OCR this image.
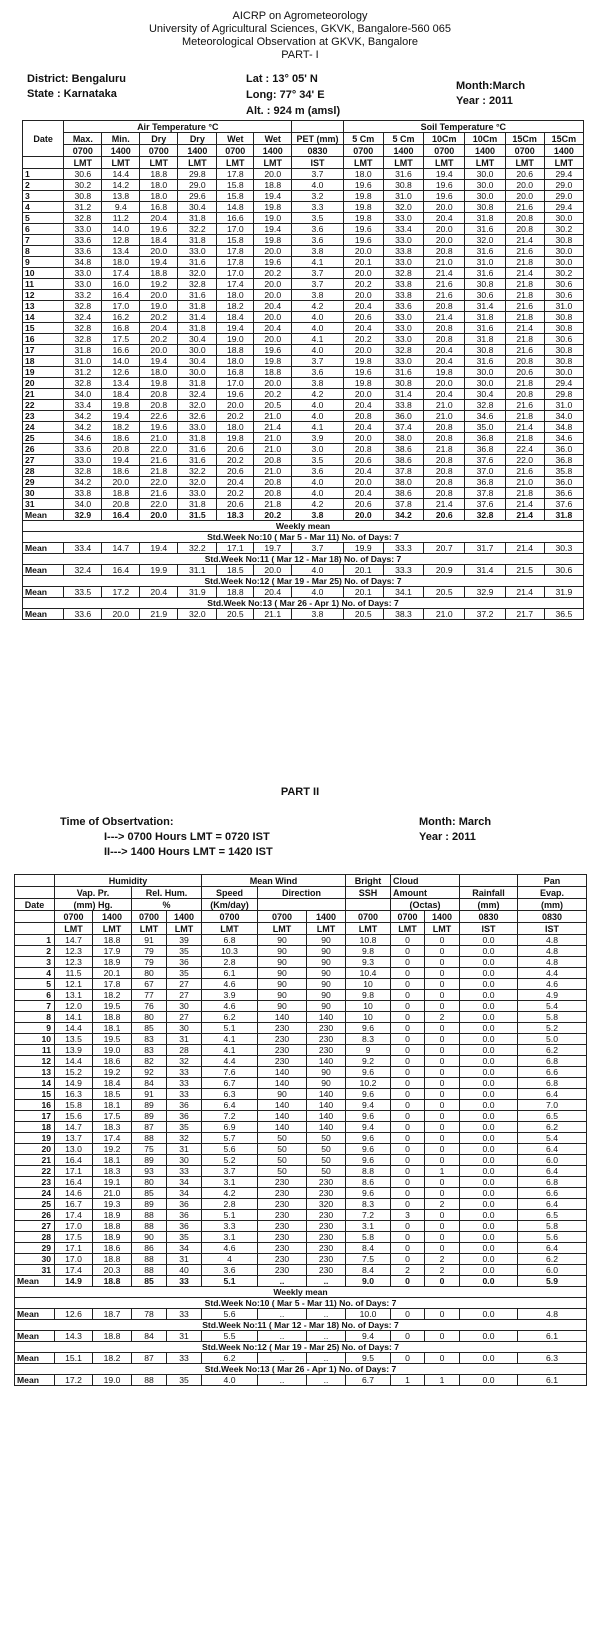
AICRP on Agrometeorology
University of Agricultural Sciences, GKVK, Bangalore-560 065
Meteorological Observation at GKVK, Bangalore
PART- I
District: Bengaluru
State : Karnataka
Lat : 13° 05' N
Long: 77° 34' E
Alt. : 924 m (amsl)
Month:March
Year : 2011
Date	Air Temperature °C							Soil Temperature °C					
	Max.	Min.	Dry	Dry	Wet	Wet	PET (mm)	5 Cm	5 Cm	10Cm	10Cm	15Cm	15Cm
	0700	1400	0700	1400	0700	1400	0830	0700	1400	0700	1400	0700	1400
	LMT	LMT	LMT	LMT	LMT	LMT	IST	LMT	LMT	LMT	LMT	LMT	LMT
1	30.6	14.4	18.8	29.8	17.8	20.0	3.7	18.0	31.6	19.4	30.0	20.6	29.4
2	30.2	14.2	18.0	29.0	15.8	18.8	4.0	19.6	30.8	19.6	30.0	20.0	29.0
3	30.8	13.8	18.0	29.6	15.8	19.4	3.2	19.8	31.0	19.6	30.0	20.0	29.0
4	31.2	9.4	16.8	30.4	14.8	19.8	3.3	19.8	32.0	20.0	30.8	21.6	29.4
5	32.8	11.2	20.4	31.8	16.6	19.0	3.5	19.8	33.0	20.4	31.8	20.8	30.0
6	33.0	14.0	19.6	32.2	17.0	19.4	3.6	19.6	33.4	20.0	31.6	20.8	30.2
7	33.6	12.8	18.4	31.8	15.8	19.8	3.6	19.6	33.0	20.0	32.0	21.4	30.8
8	33.6	13.4	20.0	33.0	17.8	20.0	3.8	20.0	33.8	20.8	31.6	21.6	30.0
9	34.8	18.0	19.4	31.6	17.8	19.6	4.1	20.1	33.0	21.0	31.0	21.8	30.0
10	33.0	17.4	18.8	32.0	17.0	20.2	3.7	20.0	32.8	21.4	31.6	21.4	30.2
11	33.0	16.0	19.2	32.8	17.4	20.0	3.7	20.2	33.8	21.6	30.8	21.8	30.6
12	33.2	16.4	20.0	31.6	18.0	20.0	3.8	20.0	33.8	21.6	30.6	21.8	30.6
13	32.8	17.0	19.0	31.8	18.2	20.4	4.2	20.4	33.6	20.8	31.4	21.6	31.0
14	32.4	16.2	20.2	31.4	18.4	20.0	4.0	20.6	33.0	21.4	31.8	21.8	30.8
15	32.8	16.8	20.4	31.8	19.4	20.4	4.0	20.4	33.0	20.8	31.6	21.4	30.8
16	32.8	17.5	20.2	30.4	19.0	20.0	4.1	20.2	33.0	20.8	31.8	21.8	30.6
17	31.8	16.6	20.0	30.0	18.8	19.6	4.0	20.0	32.8	20.4	30.8	21.6	30.8
18	31.0	14.0	19.4	30.4	18.0	19.8	3.7	19.8	33.0	20.4	31.6	20.8	30.8
19	31.2	12.6	18.0	30.0	16.8	18.8	3.6	19.6	31.6	19.8	30.0	20.6	30.0
20	32.8	13.4	19.8	31.8	17.0	20.0	3.8	19.8	30.8	20.0	30.0	21.8	29.4
21	34.0	18.4	20.8	32.4	19.6	20.2	4.2	20.0	31.4	20.4	30.4	20.8	29.8
22	33.4	19.8	20.8	32.0	20.0	20.5	4.0	20.4	33.8	21.0	32.8	21.6	31.0
23	34.2	19.4	22.6	32.6	20.2	21.0	4.0	20.8	36.0	21.0	34.6	21.8	34.0
24	34.2	18.2	19.6	33.0	18.0	21.4	4.1	20.4	37.4	20.8	35.0	21.4	34.8
25	34.6	18.6	21.0	31.8	19.8	21.0	3.9	20.0	38.0	20.8	36.8	21.8	34.6
26	33.6	20.8	22.0	31.6	20.6	21.0	3.0	20.8	38.6	21.8	36.8	22.4	36.0
27	33.0	19.4	21.6	31.6	20.2	20.8	3.5	20.6	38.6	20.8	37.6	22.0	36.8
28	32.8	18.6	21.8	32.2	20.6	21.0	3.6	20.4	37.8	20.8	37.0	21.6	35.8
29	34.2	20.0	22.0	32.0	20.4	20.8	4.0	20.0	38.0	20.8	36.8	21.0	36.0
30	33.8	18.8	21.6	33.0	20.2	20.8	4.0	20.4	38.6	20.8	37.8	21.8	36.6
31	34.0	20.8	22.0	31.8	20.6	21.8	4.2	20.6	37.8	21.4	37.6	21.4	37.6
Mean	32.9	16.4	20.0	31.5	18.3	20.2	3.8	20.0	34.2	20.6	32.8	21.4	31.8
Weekly mean													
Std.Week No:10 ( Mar 5 - Mar 11) No. of Days: 7													
Mean	33.4	14.7	19.4	32.2	17.1	19.7	3.7	19.9	33.3	20.7	31.7	21.4	30.3
Std.Week No:11 ( Mar 12 - Mar 18) No. of Days: 7													
Mean	32.4	16.4	19.9	31.1	18.5	20.0	4.0	20.1	33.3	20.9	31.4	21.5	30.6
Std.Week No:12 ( Mar 19 - Mar 25) No. of Days: 7													
Mean	33.5	17.2	20.4	31.9	18.8	20.4	4.0	20.1	34.1	20.5	32.9	21.4	31.9
Std.Week No:13 ( Mar 26 - Apr 1) No. of Days: 7													
Mean	33.6	20.0	21.9	32.0	20.5	21.1	3.8	20.5	38.3	21.0	37.2	21.7	36.5
PART II
Time of Obsertvation:
I---> 0700 Hours LMT = 0720 IST
II---> 1400 Hours LMT = 1420 IST
Month: March
Year : 2011
	Humidity				Mean Wind			Bright	Cloud			Pan
	Vap. Pr.		Rel. Hum.		Speed	Direction		SSH	Amount		Rainfall	Evap.
Date	(mm) Hg.		%		(Km/day)				(Octas)		(mm)	(mm)
	0700	1400	0700	1400	0700	0700	1400	0700	0700	1400	0830	0830
	LMT	LMT	LMT	LMT	LMT	LMT	LMT	LMT	LMT	LMT	IST	IST
1	14.7	18.8	91	39	6.8	90	90	10.8	0	0	0.0	4.8
2	12.3	17.9	79	35	10.3	90	90	9.8	0	0	0.0	4.8
3	12.3	18.9	79	36	2.8	90	90	9.3	0	0	0.0	4.8
4	11.5	20.1	80	35	6.1	90	90	10.4	0	0	0.0	4.4
5	12.1	17.8	67	27	4.6	90	90	10	0	0	0.0	4.6
6	13.1	18.2	77	27	3.9	90	90	9.8	0	0	0.0	4.9
7	12.0	19.5	76	30	4.6	90	90	10	0	0	0.0	5.4
8	14.1	18.8	80	27	6.2	140	140	10	0	2	0.0	5.8
9	14.4	18.1	85	30	5.1	230	230	9.6	0	0	0.0	5.2
10	13.5	19.5	83	31	4.1	230	230	8.3	0	0	0.0	5.0
11	13.9	19.0	83	28	4.1	230	230	9	0	0	0.0	6.2
12	14.4	18.6	82	32	4.4	230	140	9.2	0	0	0.0	6.8
13	15.2	19.2	92	33	7.6	140	90	9.6	0	0	0.0	6.6
14	14.9	18.4	84	33	6.7	140	90	10.2	0	0	0.0	6.8
15	16.3	18.5	91	33	6.3	90	140	9.6	0	0	0.0	6.4
16	15.8	18.1	89	36	6.4	140	140	9.4	0	0	0.0	7.0
17	15.6	17.5	89	36	7.2	140	140	9.6	0	0	0.0	6.5
18	14.7	18.3	87	35	6.9	140	140	9.4	0	0	0.0	6.2
19	13.7	17.4	88	32	5.7	50	50	9.6	0	0	0.0	5.4
20	13.0	19.2	75	31	5.6	50	50	9.6	0	0	0.0	6.4
21	16.4	18.1	89	30	5.2	50	50	9.6	0	0	0.0	6.0
22	17.1	18.3	93	33	3.7	50	50	8.8	0	1	0.0	6.4
23	16.4	19.1	80	34	3.1	230	230	8.6	0	0	0.0	6.8
24	14.6	21.0	85	34	4.2	230	230	9.6	0	0	0.0	6.6
25	16.7	19.3	89	36	2.8	230	320	8.3	0	2	0.0	6.4
26	17.4	18.9	88	36	5.1	230	230	7.2	3	0	0.0	6.5
27	17.0	18.8	88	36	3.3	230	230	3.1	0	0	0.0	5.8
28	17.5	18.9	90	35	3.1	230	230	5.8	0	0	0.0	5.6
29	17.1	18.6	86	34	4.6	230	230	8.4	0	0	0.0	6.4
30	17.0	18.8	88	31	4	230	230	7.5	0	2	0.0	6.2
31	17.4	20.3	88	40	3.6	230	230	8.4	2	2	0.0	6.0
Mean	14.9	18.8	85	33	5.1	..	..	9.0	0	0	0.0	5.9
Weekly mean												
Std.Week No:10 ( Mar 5 - Mar 11) No. of Days: 7												
Mean	12.6	18.7	78	33	5.6	..	..	10.0	0	0	0.0	4.8
Std.Week No:11 ( Mar 12 - Mar 18) No. of Days: 7												
Mean	14.3	18.8	84	31	5.5	..	..	9.4	0	0	0.0	6.1
Std.Week No:12 ( Mar 19 - Mar 25) No. of Days: 7												
Mean	15.1	18.2	87	33	6.2	..	..	9.5	0	0	0.0	6.3
Std.Week No:13 ( Mar 26 - Apr 1) No. of Days: 7												
Mean	17.2	19.0	88	35	4.0	..	..	6.7	1	1	0.0	6.1
